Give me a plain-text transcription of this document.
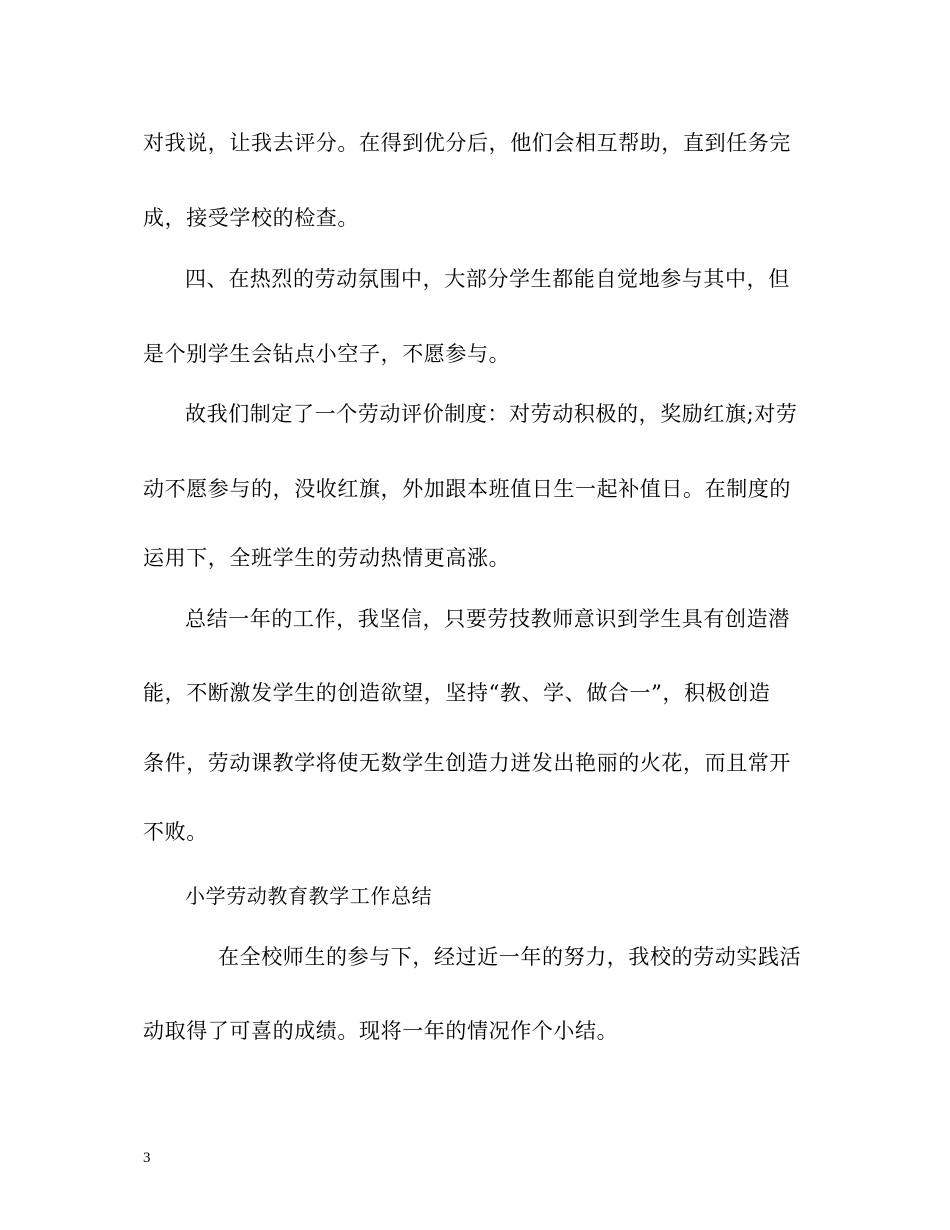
对我说，让我去评分。在得到优分后，他们会相互帮助，直到任务完
成，接受学校的检查。
四、在热烈的劳动氛围中，大部分学生都能自觉地参与其中，但
是个别学生会钻点小空子，不愿参与。
故我们制定了一个劳动评价制度：对劳动积极的，奖励红旗;对劳
动不愿参与的，没收红旗，外加跟本班值日生一起补值日。在制度的
运用下，全班学生的劳动热情更高涨。
总结一年的工作，我坚信，只要劳技教师意识到学生具有创造潜
能，不断激发学生的创造欲望，坚持“教、学、做合一”，积极创造
条件，劳动课教学将使无数学生创造力迸发出艳丽的火花，而且常开
不败。
小学劳动教育教学工作总结
在全校师生的参与下，经过近一年的努力，我校的劳动实践活
动取得了可喜的成绩。现将一年的情况作个小结。
3
